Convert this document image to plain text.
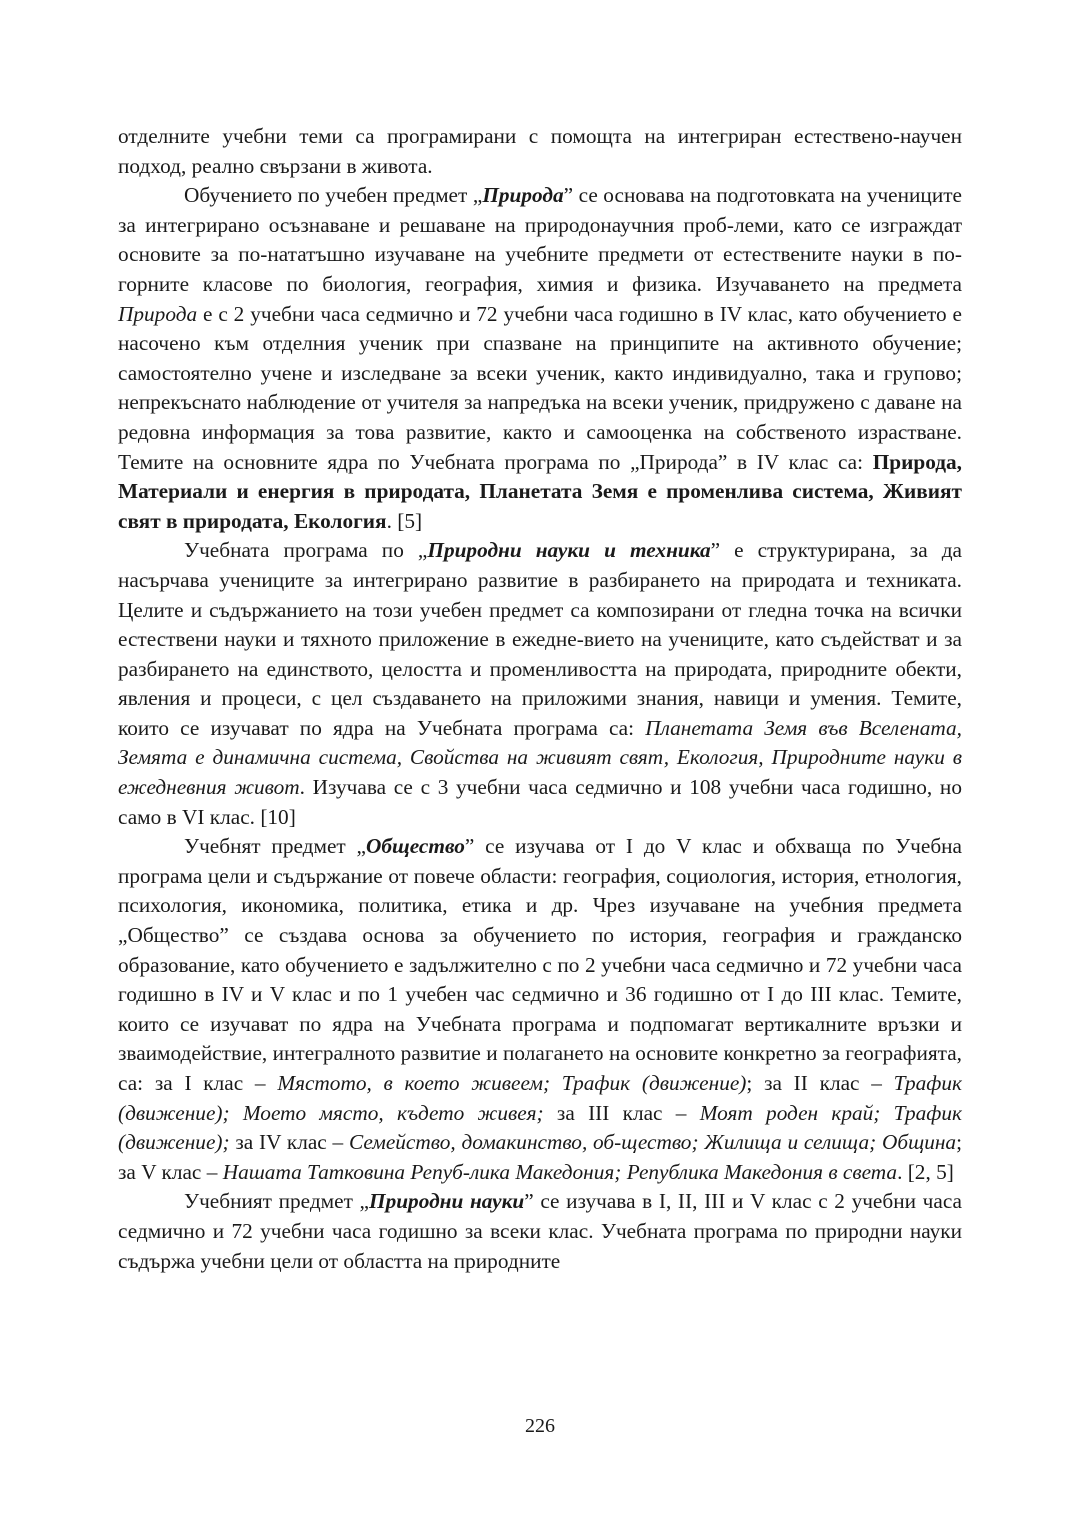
отделните учебни теми са програмирани с помощта на интегриран естествено-научен подход, реално свързани в живота.

Обучението по учебен предмет „Природа” се основава на подготовката на учениците за интегрирано осъзнаване и решаване на природонаучния проб-леми, като се изграждат основите за по-нататъшно изучаване на учебните предмети от естествените науки в по-горните класове по биология, география, химия и физика. Изучаването на предмета Природа е с 2 учебни часа седмично и 72 учебни часа годишно в IV клас, като обучението е насочено към отделния ученик при спазване на принципите на активното обучение; самостоятелно учене и изследване за всеки ученик, както индивидуално, така и групово; непрекъснато наблюдение от учителя за напредъка на всеки ученик, придружено с даване на редовна информация за това развитие, както и самооценка на собственото израстване. Темите на основните ядра по Учебната програма по „Природа” в IV клас са: Природа, Материали и енергия в природата, Планетата Земя е променлива система, Живият свят в природата, Екология. [5]

Учебната програма по „Природни науки и техника” е структурирана, за да насърчава учениците за интегрирано развитие в разбирането на природата и техниката. Целите и съдържанието на този учебен предмет са композирани от гледна точка на всички естествени науки и тяхното приложение в ежедне-вието на учениците, като съдействат и за разбирането на единството, целостта и променливостта на природата, природните обекти, явления и процеси, с цел създаването на приложими знания, навици и умения. Темите, които се изучават по ядра на Учебната програма са: Планетата Земя във Вселената, Земята е динамична система, Свойства на живият свят, Екология, Природните науки в ежедневния живот. Изучава се с 3 учебни часа седмично и 108 учебни часа годишно, но само в VI клас. [10]

Учебнят предмет „Общество” се изучава от I до V клас и обхваща по Учебна програма цели и съдържание от повече области: география, социология, история, етнология, психология, икономика, политика, етика и др. Чрез изучаване на учебния предмета „Общество” се създава основа за обучението по история, география и гражданско образование, като обучението е задължително с по 2 учебни часа седмично и 72 учебни часа годишно в IV и V клас и по 1 учебен час седмично и 36 годишно от I до III клас. Темите, които се изучават по ядра на Учебната програма и подпомагат вертикалните връзки и зваимодействие, интегралното развитие и полагането на основите конкретно за географията, са: за I клас – Мястото, в което живеем; Трафик (движение); за II клас – Трафик (движение); Моето място, където живея; за III клас – Моят роден край; Трафик (движение); за IV клас – Семейство, домакинство, об-щество; Жилища и селища; Община; за V клас – Нашата Татковина Репуб-лика Македония; Република Македония в света. [2, 5]

Учебният предмет „Природни науки” се изучава в I, II, III и V клас с 2 учебни часа седмично и 72 учебни часа годишно за всеки клас. Учебната програма по природни науки съдържа учебни цели от областта на природните

226
